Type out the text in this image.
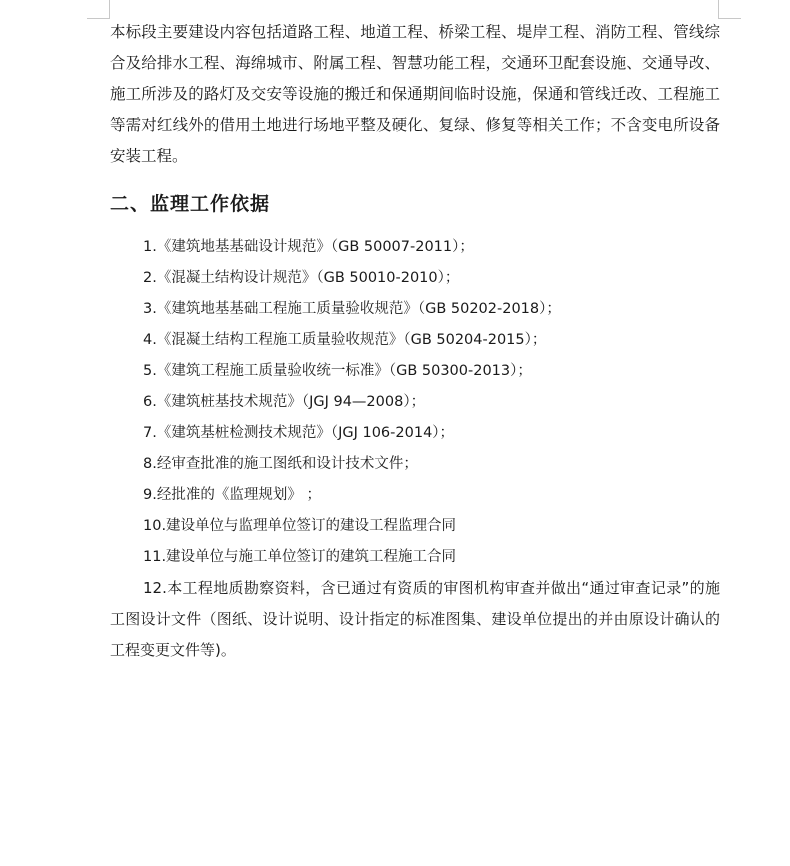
本标段主要建设内容包括道路工程、地道工程、桥梁工程、堤岸工程、消防工程、管线综合及给排水工程、海绵城市、附属工程、智慧功能工程，交通环卫配套设施、交通导改、施工所涉及的路灯及交安等设施的搬迁和保通期间临时设施，保通和管线迁改、工程施工等需对红线外的借用土地进行场地平整及硬化、复绿、修复等相关工作；不含变电所设备安装工程。

二、监理工作依据
1.《建筑地基基础设计规范》（GB 50007-2011）；
2.《混凝土结构设计规范》（GB 50010-2010）；
3.《建筑地基基础工程施工质量验收规范》（GB 50202-2018）；
4.《混凝土结构工程施工质量验收规范》（GB 50204-2015）；
5.《建筑工程施工质量验收统一标准》（GB 50300-2013）；
6.《建筑桩基技术规范》（JGJ 94—2008）；
7.《建筑基桩检测技术规范》（JGJ 106-2014）；
8.经审查批准的施工图纸和设计技术文件；
9.经批准的《监理规划》 ；
10.建设单位与监理单位签订的建设工程监理合同
11.建设单位与施工单位签订的建筑工程施工合同
12.本工程地质勘察资料，含已通过有资质的审图机构审查并做出“通过审查记录”的施工图设计文件（图纸、设计说明、设计指定的标准图集、建设单位提出的并由原设计确认的工程变更文件等)。
